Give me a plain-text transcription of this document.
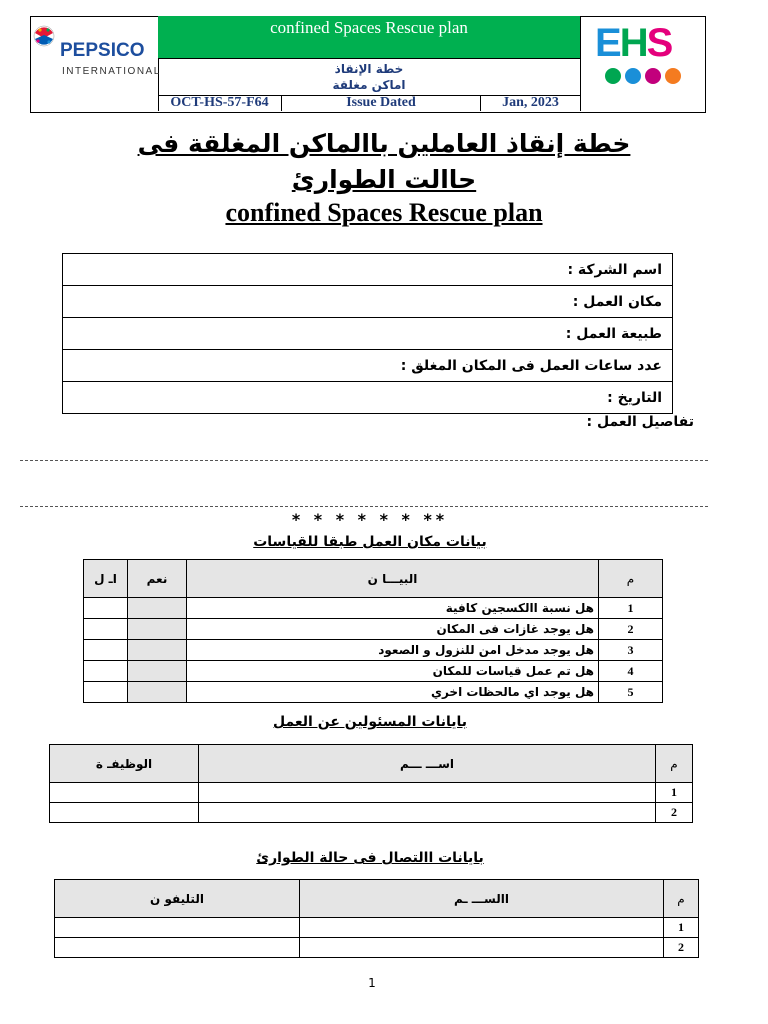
PEPSICO
INTERNATIONAL
confined Spaces Rescue plan
خطة الإنقاذ
اماكن مغلقة
OCT-HS-57-F64	Issue Dated	Jan, 2023
EHS
خطة إنقاذ العاملين باالماكن المغلقة فى
حاالت الطوارئ
confined Spaces Rescue plan
اسم الشركة :
مكان العمل :
طبيعة العمل :
عدد ساعات العمل فى المكان المغلق :
التاريخ :
تفاصيل العمل :
* * * * * * **
بيانات مكان العمل طبقا للقياسات
اـ ل	نعم	البيـــا ن	م
		هل نسبة االكسجين كافية	1
		هل يوجد غازات فى المكان	2
		هل يوجد مدخل امن للنزول و الصعود	3
		هل تم عمل قياسات للمكان	4
		هل يوجد اي مالحظات اخري	5
بايانات المسئولين عن العمل
الوظيفـ ة	اســـ ـــم	م
		1
		2
بايانات االتصال فى حالة الطوارئ
التليفو ن	االســـ ـم	م
		1
		2
1
